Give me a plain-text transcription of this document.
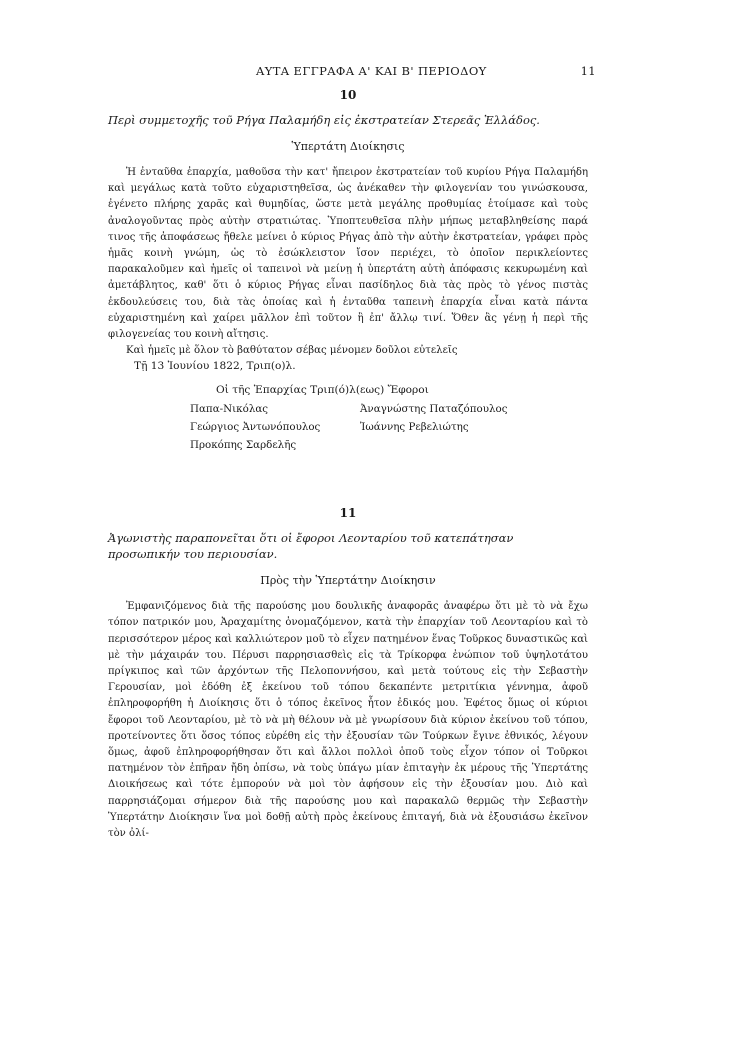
ΑΥΤΑ ΕΓΓΡΑΦΑ Α' ΚΑΙ Β' ΠΕΡΙΟΔΟΥ	11
10
Περὶ συμμετοχῆς τοῦ Ρήγα Παλαμήδη εἰς ἐκστρατείαν Στερεᾶς Ἑλλάδος.
Ὑπερτάτη Διοίκησις

Ἡ ἐνταῦθα ἐπαρχία, μαθοῦσα τὴν κατ' ἤπειρον ἐκστρατείαν τοῦ κυρίου Ρήγα Παλαμήδη καὶ μεγάλως κατὰ τοῦτο εὐχαριστηθεῖσα, ὡς ἀνέκαθεν τὴν φιλογενίαν του γινώσκουσα, ἐγένετο πλήρης χαρᾶς καὶ θυμηδίας, ὥστε μετὰ μεγάλης προθυμίας ἑτοίμασε καὶ τοὺς ἀναλογοῦντας πρὸς αὐτὴν στρατιώτας. Ὑποπτευθεῖσα πλὴν μήπως μεταβληθείσης παρά τινος τῆς ἀποφάσεως ἤθελε μείνει ὁ κύριος Ρήγας ἀπὸ τὴν αὐτὴν ἐκστρατείαν, γράφει πρὸς ἡμᾶς κοινὴ γνώμη, ὡς τὸ ἐσώκλειστον ἴσον περιέχει, τὸ ὁποῖον περικλείοντες παρακαλοῦμεν καὶ ἡμεῖς οἱ ταπεινοὶ νὰ μείνῃ ἡ ὑπερτάτη αὐτὴ ἀπόφασις κεκυρωμένη καὶ ἀμετάβλητος, καθ' ὅτι ὁ κύριος Ρήγας εἶναι πασίδηλος διὰ τὰς πρὸς τὸ γένος πιστὰς ἐκδουλεύσεις του, διὰ τὰς ὁποίας καὶ ἡ ἐνταῦθα ταπεινὴ ἐπαρχία εἶναι κατὰ πάντα εὐχαριστημένη καὶ χαίρει μᾶλλον ἐπὶ τοῦτον ἢ ἐπ' ἄλλῳ τινί. Ὅθεν ἂς γένῃ ἡ περὶ τῆς φιλογενείας του κοινὴ αἴτησις.

Καὶ ἡμεῖς μὲ ὅλον τὸ βαθύτατον σέβας μένομεν δοῦλοι εὐτελεῖς

Τῇ 13 Ἰουνίου 1822, Τριπ(ο)λ.
Οἱ τῆς Ἐπαρχίας Τριπ(ό)λ(εως) Ἔφοροι
Παπα-Νικόλας
Γεώργιος Ἀντωνόπουλος
Προκόπης Σαρδελῆς
Ἀναγνώστης Παταζόπουλος
Ἰωάννης Ρεβελιώτης
11
Ἀγωνιστὴς παραπονεῖται ὅτι οἱ ἔφοροι Λεονταρίου τοῦ κατεπάτησαν προσωπικήν του περιουσίαν.
Πρὸς τὴν Ὑπερτάτην Διοίκησιν

Ἐμφανιζόμενος διὰ τῆς παρούσης μου δουλικῆς ἀναφορᾶς ἀναφέρω ὅτι μὲ τὸ νὰ ἔχω τόπον πατρικόν μου, Ἀραχαμίτης ὀνομαζόμενον, κατὰ τὴν ἐπαρχίαν τοῦ Λεονταρίου καὶ τὸ περισσότερον μέρος καὶ καλλιώτερον μοῦ τὸ εἶχεν πατημένον ἕνας Τοῦρκος δυναστικῶς καὶ μὲ τὴν μάχαιράν του. Πέρυσι παρρησιασθεὶς εἰς τὰ Τρίκορφα ἐνώπιον τοῦ ὑψηλοτάτου πρίγκιπος καὶ τῶν ἀρχόντων τῆς Πελοποννήσου, καὶ μετὰ τούτους εἰς τὴν Σεβαστὴν Γερουσίαν, μοὶ ἐδόθη ἐξ ἐκείνου τοῦ τόπου δεκαπέντε μετριτίκια γέννημα, ἀφοῦ ἐπληροφορήθη ἡ Διοίκησις ὅτι ὁ τόπος ἐκεῖνος ἦτον ἐδικός μου. Ἐφέτος ὅμως οἱ κύριοι ἔφοροι τοῦ Λεονταρίου, μὲ τὸ νὰ μὴ θέλουν νὰ μὲ γνωρίσουν διὰ κύριον ἐκείνου τοῦ τόπου, προτείνοντες ὅτι ὅσος τόπος εὑρέθη εἰς τὴν ἐξουσίαν τῶν Τούρκων ἔγινε ἐθνικός, λέγουν ὅμως, ἀφοῦ ἐπληροφορήθησαν ὅτι καὶ ἄλλοι πολλοὶ ὁποῦ τοὺς εἶχον τόπον οἱ Τοῦρκοι πατημένον τὸν ἐπῆραν ἤδη ὀπίσω, νὰ τοὺς ὑπάγω μίαν ἐπιταγὴν ἐκ μέρους τῆς Ὑπερτάτης Διοικήσεως καὶ τότε ἐμπορούν νὰ μοὶ τὸν ἀφήσουν εἰς τὴν ἐξουσίαν μου. Διὸ καὶ παρρησιάζομαι σήμερον διὰ τῆς παρούσης μου καὶ παρακαλῶ θερμῶς τὴν Σεβαστὴν Ὑπερτάτην Διοίκησιν ἵνα μοὶ δοθῇ αὐτὴ πρὸς ἐκείνους ἐπιταγή, διὰ νὰ ἐξουσιάσω ἐκεῖνον τὸν ὀλί-
